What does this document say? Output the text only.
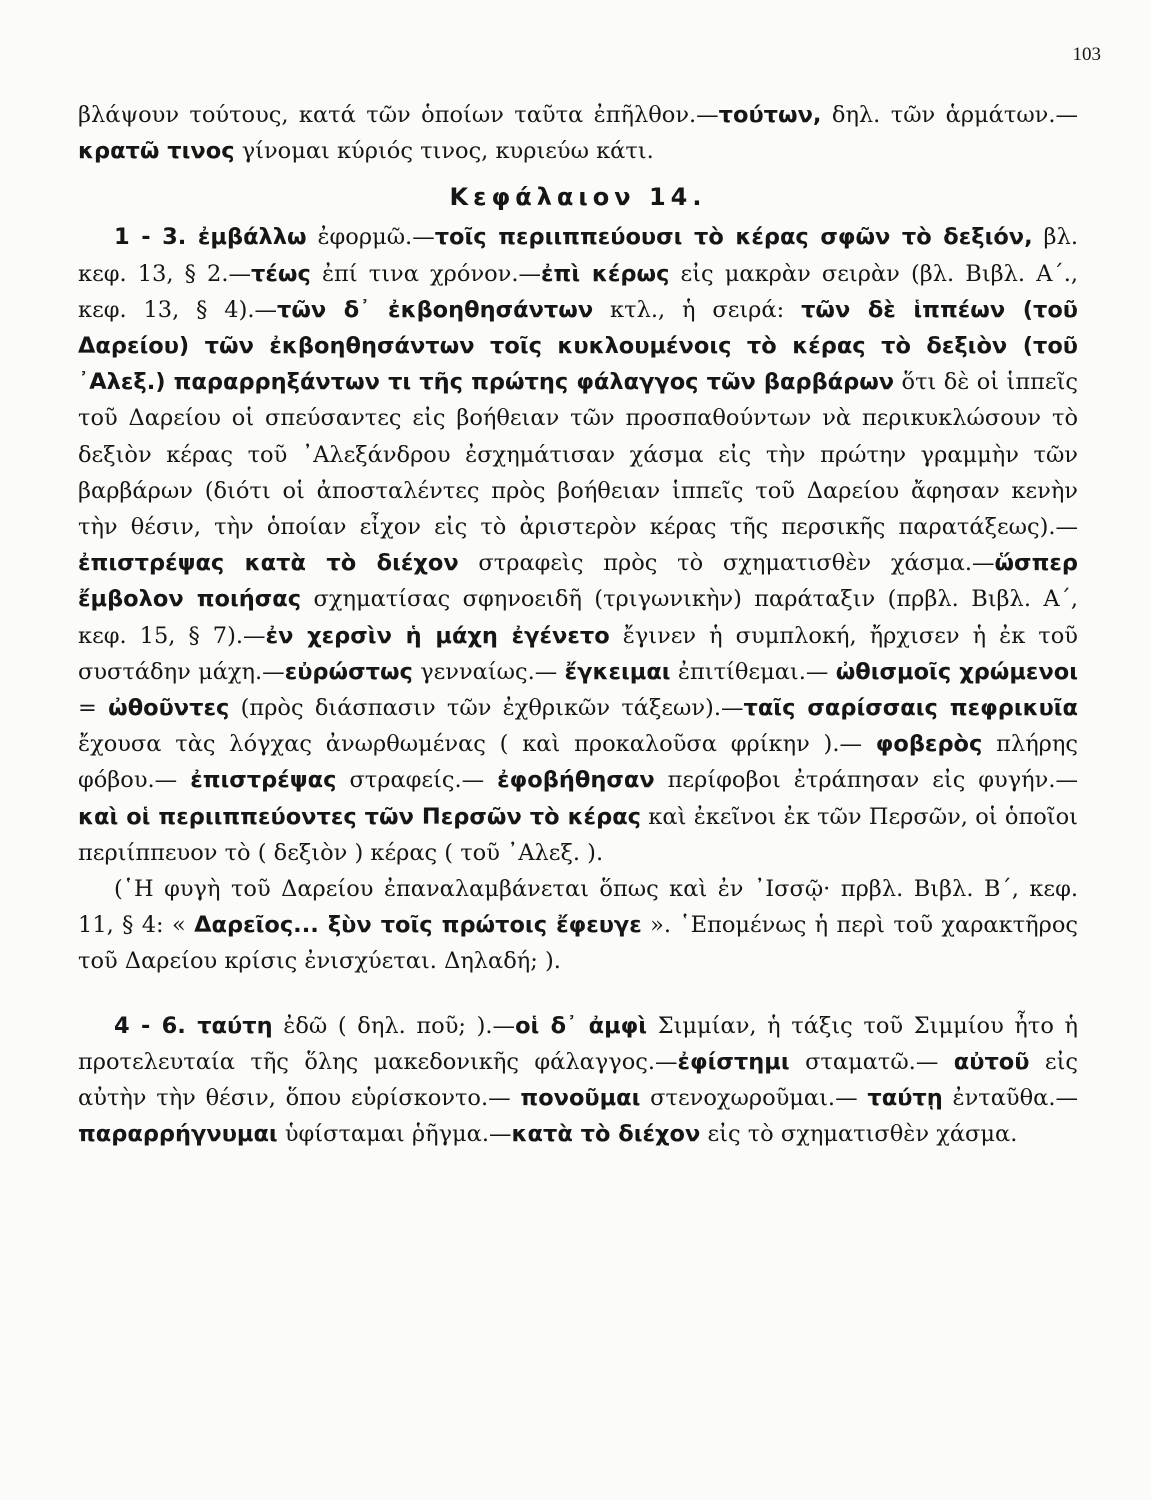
103

βλάψουν τούτους, κατά τῶν ὁποίων ταῦτα ἐπῆλθον.—τούτων, δηλ. τῶν ἁρμάτων.—κρατῶ τινος γίνομαι κύριός τινος, κυριεύω κάτι.

Κεφάλαιον 14.

1 - 3. ἐμβάλλω ἐφορμῶ.—τοῖς περιιππεύουσι τὸ κέρας σφῶν τὸ δεξιόν, βλ. κεφ. 13, § 2.—τέως ἐπί τινα χρόνον.—ἐπὶ κέρως εἰς μακρὰν σειρὰν (βλ. Βιβλ. Α΄., κεφ. 13, § 4).—τῶν δ᾿ ἐκβοηθησάντων κτλ., ἡ σειρά: τῶν δὲ ἱππέων (τοῦ Δαρείου) τῶν ἐκβοηθησάντων τοῖς κυκλουμένοις τὸ κέρας τὸ δεξιὸν (τοῦ ᾿Αλεξ.) παραρρηξάντων τι τῆς πρώτης φάλαγγος τῶν βαρβάρων ὅτι δὲ οἱ ἱππεῖς τοῦ Δαρείου οἱ σπεύσαντες εἰς βοήθειαν τῶν προσπαθούντων νὰ περικυκλώσουν τὸ δεξιὸν κέρας τοῦ ᾿Αλεξάνδρου ἐσχημάτισαν χάσμα εἰς τὴν πρώτην γραμμὴν τῶν βαρβάρων (διότι οἱ ἀποσταλέντες πρὸς βοήθειαν ἱππεῖς τοῦ Δαρείου ἄφησαν κενὴν τὴν θέσιν, τὴν ὁποίαν εἶχον εἰς τὸ ἀριστερὸν κέρας τῆς περσικῆς παρατάξεως).—ἐπιστρέψας κατὰ τὸ διέχον στραφεὶς πρὸς τὸ σχηματισθὲν χάσμα.—ὥσπερ ἔμβολον ποιήσας σχηματίσας σφηνοειδῆ (τριγωνικὴν) παράταξιν (πρβλ. Βιβλ. Α΄, κεφ. 15, § 7).—ἐν χερσὶν ἡ μάχη ἐγένετο ἔγινεν ἡ συμπλοκή, ἤρχισεν ἡ ἐκ τοῦ συστάδην μάχη.—εὐρώστως γενναίως.— ἔγκειμαι ἐπιτίθεμαι.— ὠθισμοῖς χρώμενοι = ὠθοῦντες (πρὸς διάσπασιν τῶν ἐχθρικῶν τάξεων).—ταῖς σαρίσσαις πεφρικυῖα ἔχουσα τὰς λόγχας ἀνωρθωμένας ( καὶ προκαλοῦσα φρίκην ).— φοβερὸς πλήρης φόβου.— ἐπιστρέψας στραφείς.— ἐφοβήθησαν περίφοβοι ἐτράπησαν εἰς φυγήν.— καὶ οἱ περιιππεύοντες τῶν Περσῶν τὸ κέρας καὶ ἐκεῖνοι ἐκ τῶν Περσῶν, οἱ ὁποῖοι περιίππευον τὸ ( δεξιὸν ) κέρας ( τοῦ ᾿Αλεξ. ).

(῾Η φυγὴ τοῦ Δαρείου ἐπαναλαμβάνεται ὅπως καὶ ἐν ᾿Ισσῷ· πρβλ. Βιβλ. Β΄, κεφ. 11, § 4: « Δαρεῖος... ξὺν τοῖς πρώτοις ἔφευγε ». ῾Επομένως ἡ περὶ τοῦ χαρακτῆρος τοῦ Δαρείου κρίσις ἐνισχύεται. Δηλαδή; ).

4 - 6. ταύτη ἐδῶ ( δηλ. ποῦ; ).—οἱ δ᾿ ἀμφὶ Σιμμίαν, ἡ τάξις τοῦ Σιμμίου ἦτο ἡ προτελευταία τῆς ὅλης μακεδονικῆς φάλαγγος.—ἐφίστημι σταματῶ.— αὐτοῦ εἰς αὐτὴν τὴν θέσιν, ὅπου εὑρίσκοντο.— πονοῦμαι στενοχωροῦμαι.— ταύτῃ ἐνταῦθα.— παραρρήγνυμαι ὑφίσταμαι ῥῆγμα.—κατὰ τὸ διέχον εἰς τὸ σχηματισθὲν χάσμα.
